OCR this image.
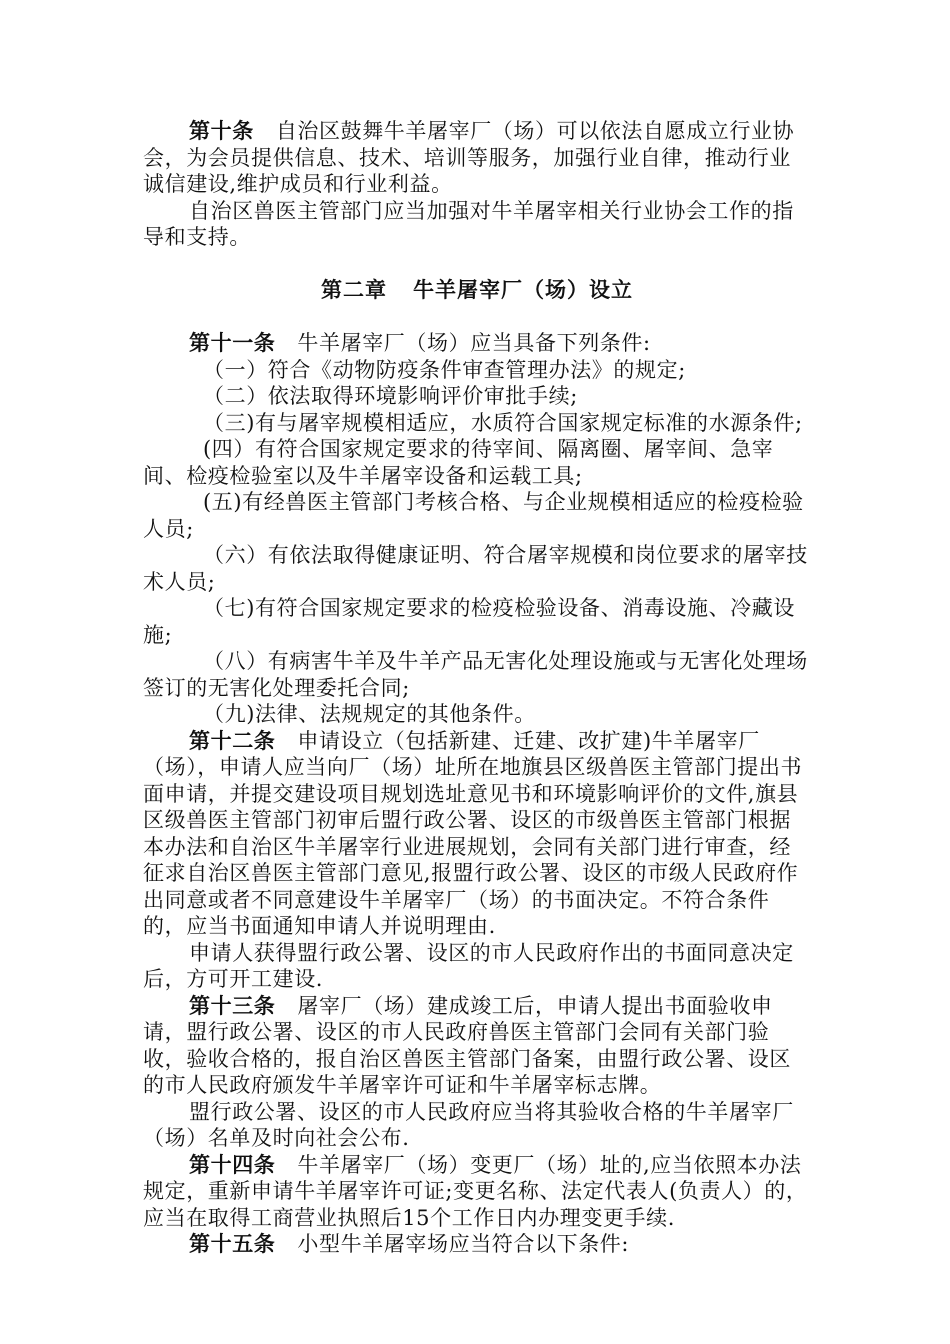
第十条 自治区鼓舞牛羊屠宰厂（场）可以依法自愿成立行业协会，为会员提供信息、技术、培训等服务，加强行业自律，推动行业诚信建设,维护成员和行业利益。

自治区兽医主管部门应当加强对牛羊屠宰相关行业协会工作的指导和支持。

第二章 牛羊屠宰厂（场）设立

第十一条 牛羊屠宰厂（场）应当具备下列条件:

（一）符合《动物防疫条件审查管理办法》的规定;

（二）依法取得环境影响评价审批手续;

（三)有与屠宰规模相适应，水质符合国家规定标准的水源条件;

(四）有符合国家规定要求的待宰间、隔离圈、屠宰间、急宰间、检疫检验室以及牛羊屠宰设备和运载工具;

(五)有经兽医主管部门考核合格、与企业规模相适应的检疫检验人员;

（六）有依法取得健康证明、符合屠宰规模和岗位要求的屠宰技术人员;

（七)有符合国家规定要求的检疫检验设备、消毒设施、冷藏设施;

（八）有病害牛羊及牛羊产品无害化处理设施或与无害化处理场签订的无害化处理委托合同;

（九)法律、法规规定的其他条件。

第十二条 申请设立（包括新建、迁建、改扩建)牛羊屠宰厂（场），申请人应当向厂（场）址所在地旗县区级兽医主管部门提出书面申请，并提交建设项目规划选址意见书和环境影响评价的文件,旗县区级兽医主管部门初审后盟行政公署、设区的市级兽医主管部门根据本办法和自治区牛羊屠宰行业进展规划，会同有关部门进行审查，经征求自治区兽医主管部门意见,报盟行政公署、设区的市级人民政府作出同意或者不同意建设牛羊屠宰厂（场）的书面决定。不符合条件的，应当书面通知申请人并说明理由.

申请人获得盟行政公署、设区的市人民政府作出的书面同意决定后，方可开工建设.

第十三条 屠宰厂（场）建成竣工后，申请人提出书面验收申请，盟行政公署、设区的市人民政府兽医主管部门会同有关部门验收，验收合格的，报自治区兽医主管部门备案，由盟行政公署、设区的市人民政府颁发牛羊屠宰许可证和牛羊屠宰标志牌。

盟行政公署、设区的市人民政府应当将其验收合格的牛羊屠宰厂（场）名单及时向社会公布.

第十四条 牛羊屠宰厂（场）变更厂（场）址的,应当依照本办法规定，重新申请牛羊屠宰许可证;变更名称、法定代表人(负责人）的，应当在取得工商营业执照后15个工作日内办理变更手续.

第十五条 小型牛羊屠宰场应当符合以下条件:
